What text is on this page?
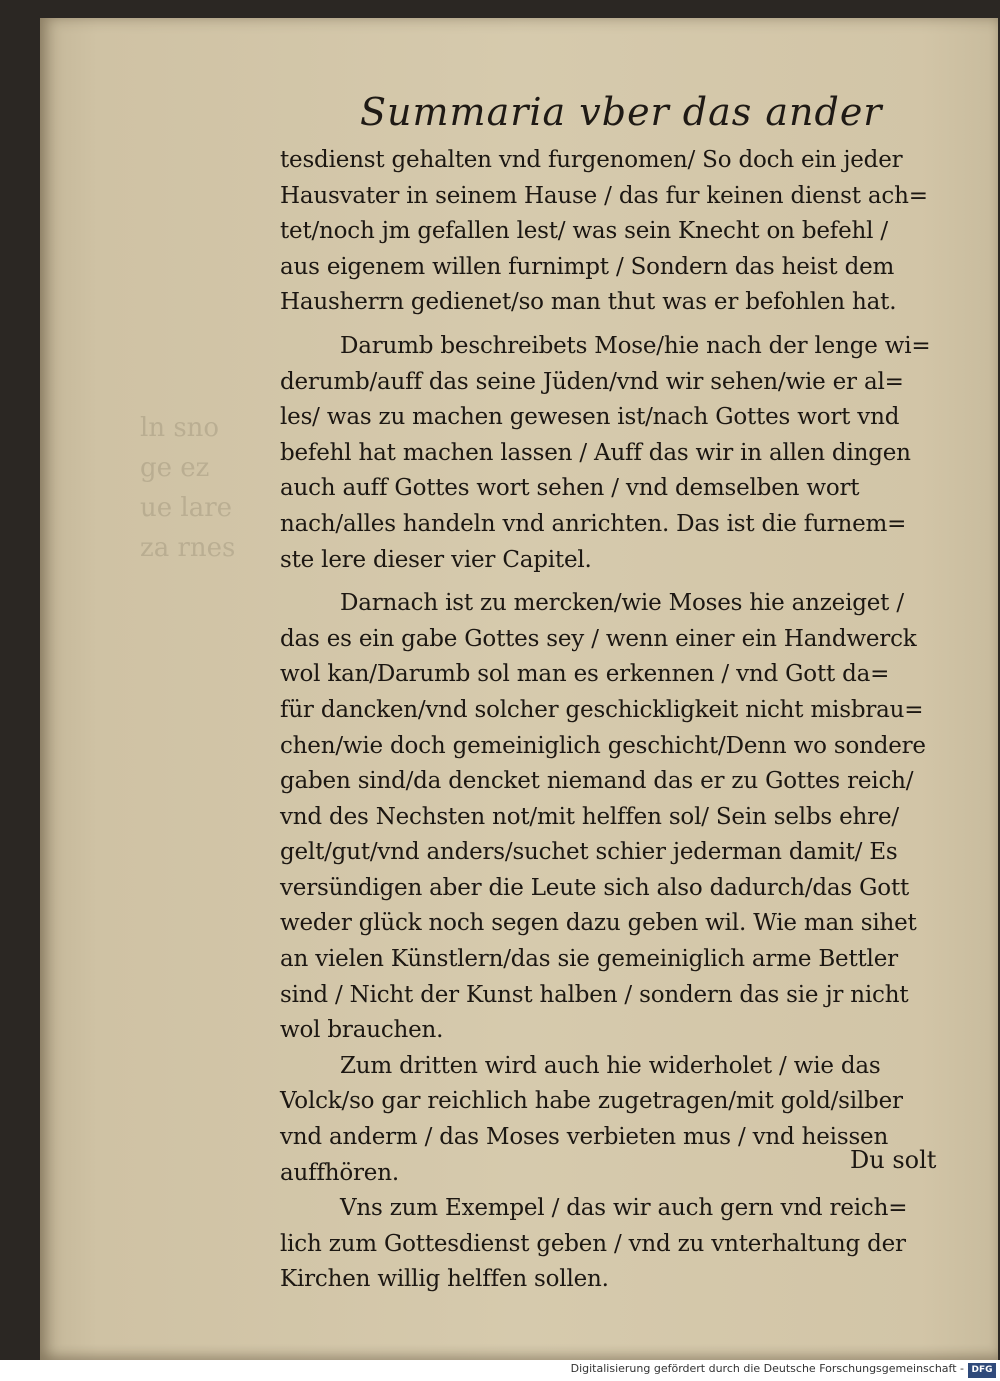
ln sno
ge ez
ue lare
za rnes
Summaria vber das ander
tesdienst gehalten vnd furgenomen/ So doch ein jeder
Hausvater in seinem Hause / das fur keinen dienst ach=
tet/noch jm gefallen lest/ was sein Knecht on befehl /
aus eigenem willen furnimpt / Sondern das heist dem
Hausherrn gedienet/so man thut was er befohlen hat.
Darumb beschreibets Mose/hie nach der lenge wi=
derumb/auff das seine Jüden/vnd wir sehen/wie er al=
les/ was zu machen gewesen ist/nach Gottes wort vnd
befehl hat machen lassen / Auff das wir in allen dingen
auch auff Gottes wort sehen / vnd demselben wort
nach/alles handeln vnd anrichten. Das ist die furnem=
ste lere dieser vier Capitel.
Darnach ist zu mercken/wie Moses hie anzeiget /
das es ein gabe Gottes sey / wenn einer ein Handwerck
wol kan/Darumb sol man es erkennen / vnd Gott da=
für dancken/vnd solcher geschickligkeit nicht misbrau=
chen/wie doch gemeiniglich geschicht/Denn wo sondere
gaben sind/da dencket niemand das er zu Gottes reich/
vnd des Nechsten not/mit helffen sol/ Sein selbs ehre/
gelt/gut/vnd anders/suchet schier jederman damit/ Es
versündigen aber die Leute sich also dadurch/das Gott
weder glück noch segen dazu geben wil. Wie man sihet
an vielen Künstlern/das sie gemeiniglich arme Bettler
sind / Nicht der Kunst halben / sondern das sie jr nicht
wol brauchen.
Zum dritten wird auch hie widerholet / wie das
Volck/so gar reichlich habe zugetragen/mit gold/silber
vnd anderm / das Moses verbieten mus / vnd heissen
auffhören.
Vns zum Exempel / das wir auch gern vnd reich=
lich zum Gottesdienst geben / vnd zu vnterhaltung der
Kirchen willig helffen sollen.
Du solt
Digitalisierung gefördert durch die Deutsche Forschungsgemeinschaft - DFG
